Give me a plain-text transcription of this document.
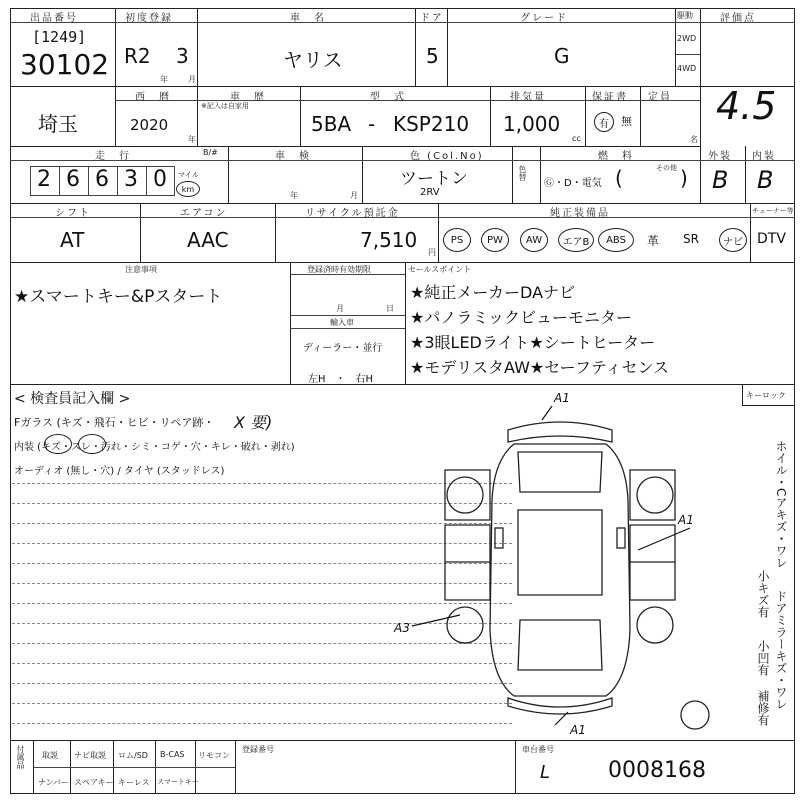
出品番号
[1249]
30102
初度登録
R2 3
年	月
車　名
ヤリス
ドア
5
グレード
G
駆動
2WD
4WD
評価点
4.5
埼玉
西　暦
2020
年
車　歴
※記入は自家用
型　式
5BA - KSP210
排気量
1,000
cc
保証書
有	無
定員
名
走　行
2 6 6 3 0 マイル
km
B/#	車　検
年	月
色 (Col.No)
ツートン
2RV
色替
燃　料
Ⓖ・D・電気 (	)
その他
外装
B
内装
B
シフト
AT
エアコン
AAC
リサイクル預託金
7,510
円
純正装備品
PS	PW	AW	エアB	ABS	革 SR	ナビ
チューナー等
DTV
注意事項
★スマートキー&Pスタート
登録済時有効期限
月	日
輸入車
ディーラー・並行
左H　・　右H
セールスポイント
★純正メーカーDAナビ
★パノラミックビューモニター
★3眼LEDライト★シートヒーター
★モデリスタAW★セーフティセンス
< 検査員記入欄 >
Fガラス (キズ・飛石・ヒビ・リペア跡・ X 要)
内装 (キズ・スレ・汚れ・シミ・コゲ・穴・キレ・破れ・剥れ)
オーディオ (無し・穴) / タイヤ (スタッドレス)
キーロック
ホイル・Cアキズ・ワレ
ドアミラーキズ・ワレ
小キズ有
小凹有
補修有
A1
A1
A3
A1
付属品 取説 ナビ取説 ロム/SD B-CAS リモコン
ナンバー スペアキー キーレス スマートキー
登録番号	車台番号
L	0008168
